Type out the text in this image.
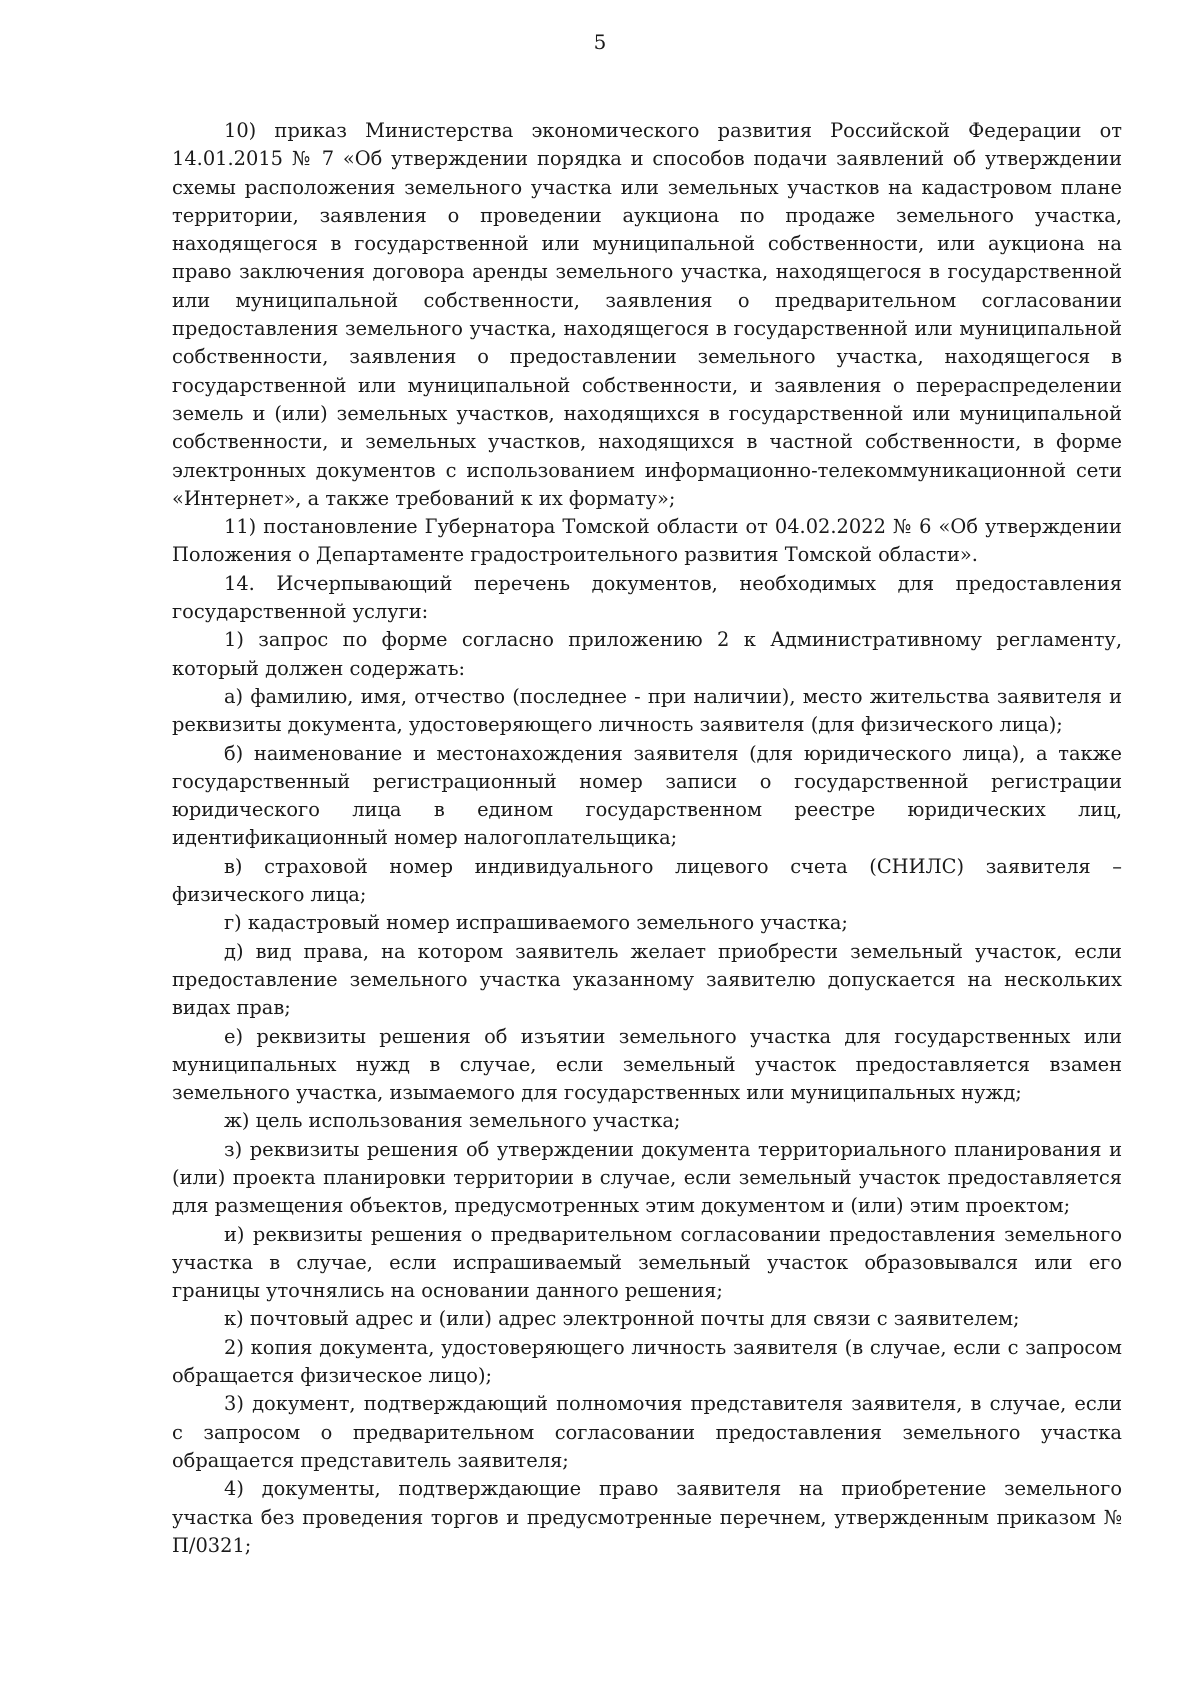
5

10) приказ Министерства экономического развития Российской Федерации от 14.01.2015 № 7 «Об утверждении порядка и способов подачи заявлений об утверждении схемы расположения земельного участка или земельных участков на кадастровом плане территории, заявления о проведении аукциона по продаже земельного участка, находящегося в государственной или муниципальной собственности, или аукциона на право заключения договора аренды земельного участка, находящегося в государственной или муниципальной собственности, заявления о предварительном согласовании предоставления земельного участка, находящегося в государственной или муниципальной собственности, заявления о предоставлении земельного участка, находящегося в государственной или муниципальной собственности, и заявления о перераспределении земель и (или) земельных участков, находящихся в государственной или муниципальной собственности, и земельных участков, находящихся в частной собственности, в форме электронных документов с использованием информационно-телекоммуникационной сети «Интернет», а также требований к их формату»;

11) постановление Губернатора Томской области от 04.02.2022 № 6 «Об утверждении Положения о Департаменте градостроительного развития Томской области».

14. Исчерпывающий перечень документов, необходимых для предоставления государственной услуги:

1) запрос по форме согласно приложению 2 к Административному регламенту, который должен содержать:

а) фамилию, имя, отчество (последнее - при наличии), место жительства заявителя и реквизиты документа, удостоверяющего личность заявителя (для физического лица);

б) наименование и местонахождения заявителя (для юридического лица), а также государственный регистрационный номер записи о государственной регистрации юридического лица в едином государственном реестре юридических лиц, идентификационный номер налогоплательщика;

в) страховой номер индивидуального лицевого счета (СНИЛС) заявителя – физического лица;

г) кадастровый номер испрашиваемого земельного участка;

д) вид права, на котором заявитель желает приобрести земельный участок, если предоставление земельного участка указанному заявителю допускается на нескольких видах прав;

е) реквизиты решения об изъятии земельного участка для государственных или муниципальных нужд в случае, если земельный участок предоставляется взамен земельного участка, изымаемого для государственных или муниципальных нужд;

ж) цель использования земельного участка;

з) реквизиты решения об утверждении документа территориального планирования и (или) проекта планировки территории в случае, если земельный участок предоставляется для размещения объектов, предусмотренных этим документом и (или) этим проектом;

и) реквизиты решения о предварительном согласовании предоставления земельного участка в случае, если испрашиваемый земельный участок образовывался или его границы уточнялись на основании данного решения;

к) почтовый адрес и (или) адрес электронной почты для связи с заявителем;

2) копия документа, удостоверяющего личность заявителя (в случае, если с запросом обращается физическое лицо);

3) документ, подтверждающий полномочия представителя заявителя, в случае, если с запросом о предварительном согласовании предоставления земельного участка обращается представитель заявителя;

4) документы, подтверждающие право заявителя на приобретение земельного участка без проведения торгов и предусмотренные перечнем, утвержденным приказом № П/0321;
